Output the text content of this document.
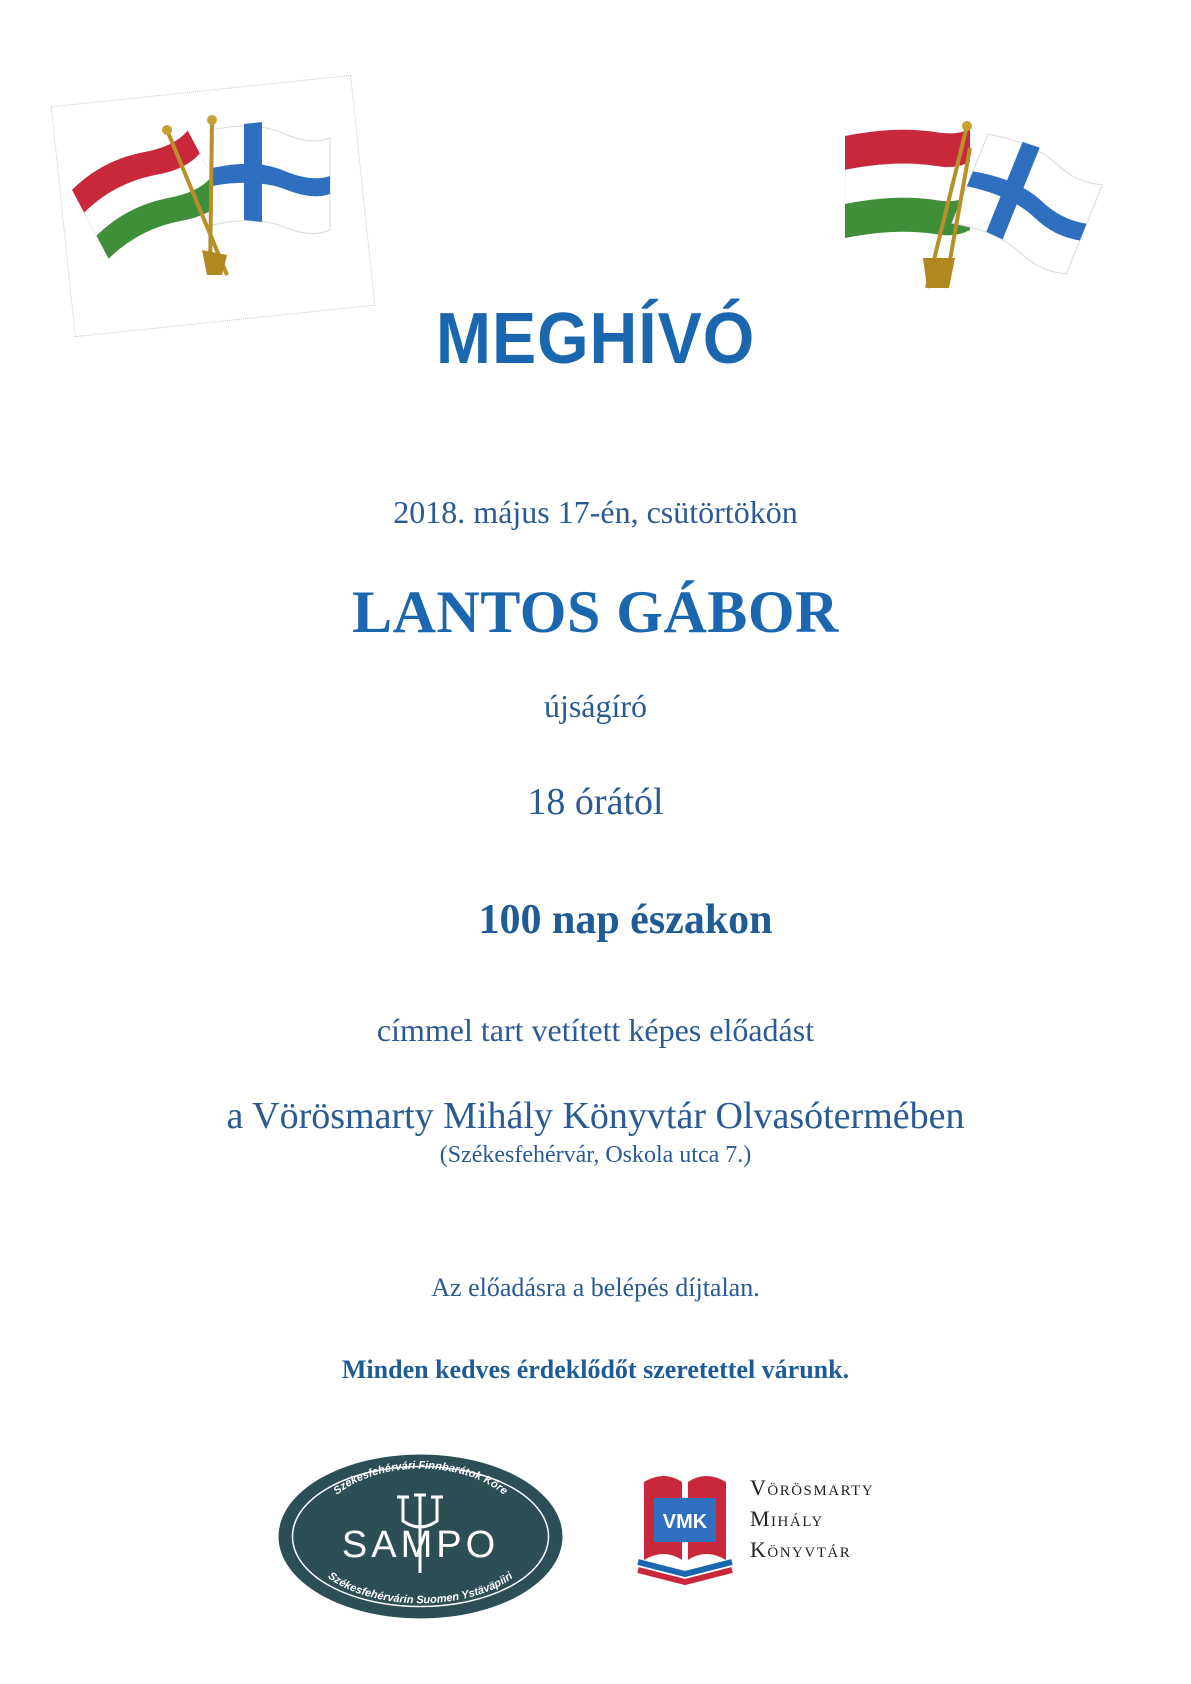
MEGHÍVÓ
2018. május 17-én, csütörtökön
LANTOS GÁBOR
újságíró
18 órától
100 nap északon
címmel tart vetített képes előadást
a Vörösmarty Mihály Könyvtár Olvasótermében
(Székesfehérvár, Oskola utca 7.)
Az előadásra a belépés díjtalan.
Minden kedves érdeklődőt szeretettel várunk.
Székesfehérvári Finnbarátok Köre
Székesfehérvárin Suomen Ystäväpiiri
SAMPO
VMK
Vörösmarty
Mihály
Könyvtár
